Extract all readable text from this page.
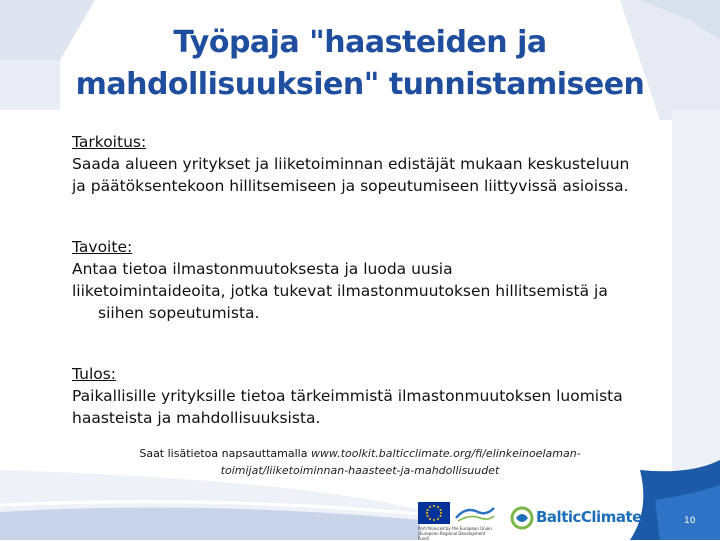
Työpaja "haasteiden ja
mahdollisuuksien" tunnistamiseen
Tarkoitus:
Saada alueen yritykset ja liiketoiminnan edistäjät mukaan keskusteluun
ja päätöksentekoon hillitsemiseen ja sopeutumiseen liittyvissä asioissa.
Tavoite:
Antaa tietoa ilmastonmuutoksesta ja luoda uusia
liiketoimintaideoita, jotka tukevat ilmastonmuutoksen hillitsemistä ja
siihen sopeutumista.
Tulos:
Paikallisille yrityksille tietoa tärkeimmistä ilmastonmuutoksen luomista
haasteista ja mahdollisuuksista.
Saat lisätietoa napsauttamalla www.toolkit.balticclimate.org/fi/elinkeinoelaman-
toimijat/liiketoiminnan-haasteet-ja-mahdollisuudet
Part-financed by the European Union (European Regional Development Fund)
BalticClimate	10
